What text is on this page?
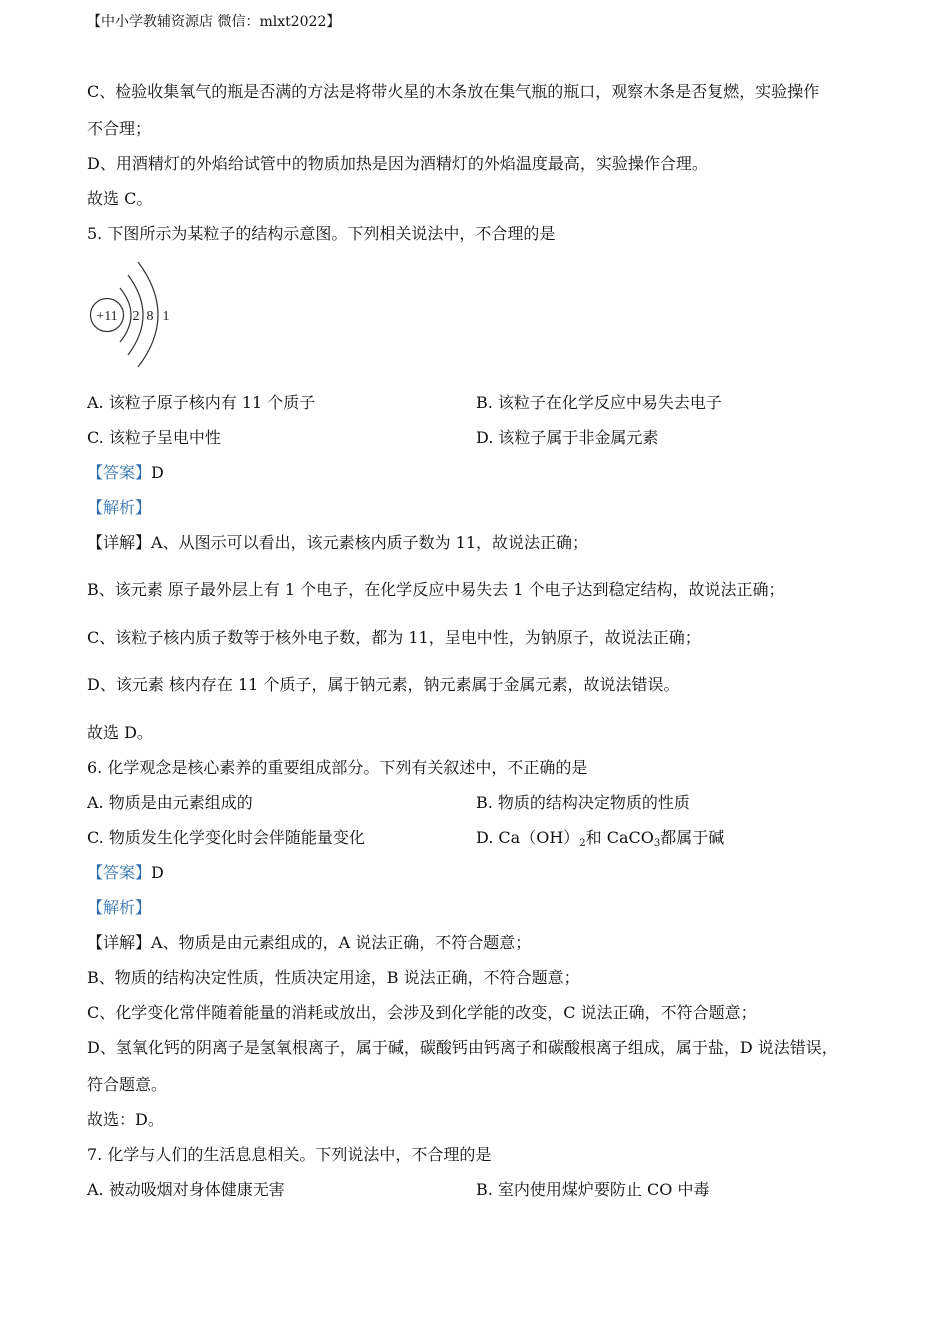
【中小学教辅资源店 微信：mlxt2022】
C、检验收集氧气的瓶是否满的方法是将带火星的木条放在集气瓶的瓶口，观察木条是否复燃，实验操作
不合理；
D、用酒精灯的外焰给试管中的物质加热是因为酒精灯的外焰温度最高，实验操作合理。
故选 C。
5. 下图所示为某粒子的结构示意图。下列相关说法中，不合理的是
+11 2 8 1
A. 该粒子原子核内有 11 个质子	B. 该粒子在化学反应中易失去电子
C. 该粒子呈电中性	D. 该粒子属于非金属元素
【答案】D
【解析】
【详解】A、从图示可以看出，该元素核内质子数为 11，故说法正确；
B、该元素 原子最外层上有 1 个电子，在化学反应中易失去 1 个电子达到稳定结构，故说法正确；
C、该粒子核内质子数等于核外电子数，都为 11，呈电中性，为钠原子，故说法正确；
D、该元素 核内存在 11 个质子，属于钠元素，钠元素属于金属元素，故说法错误。
故选 D。
6. 化学观念是核心素养的重要组成部分。下列有关叙述中，不正确的是
A. 物质是由元素组成的	B. 物质的结构决定物质的性质
C. 物质发生化学变化时会伴随能量变化	D. $Ca(OH)_2$和 CaCO$_3$都属于碱
【答案】D
【解析】
【详解】A、物质是由元素组成的，A 说法正确，不符合题意；
B、物质的结构决定性质，性质决定用途，B 说法正确，不符合题意；
C、化学变化常伴随着能量的消耗或放出，会涉及到化学能的改变，C 说法正确，不符合题意；
D、氢氧化钙的阴离子是氢氧根离子，属于碱，碳酸钙由钙离子和碳酸根离子组成，属于盐，D 说法错误，
符合题意。
故选：D。
7. 化学与人们的生活息息相关。下列说法中，不合理的是
A. 被动吸烟对身体健康无害	B. 室内使用煤炉要防止 CO 中毒
